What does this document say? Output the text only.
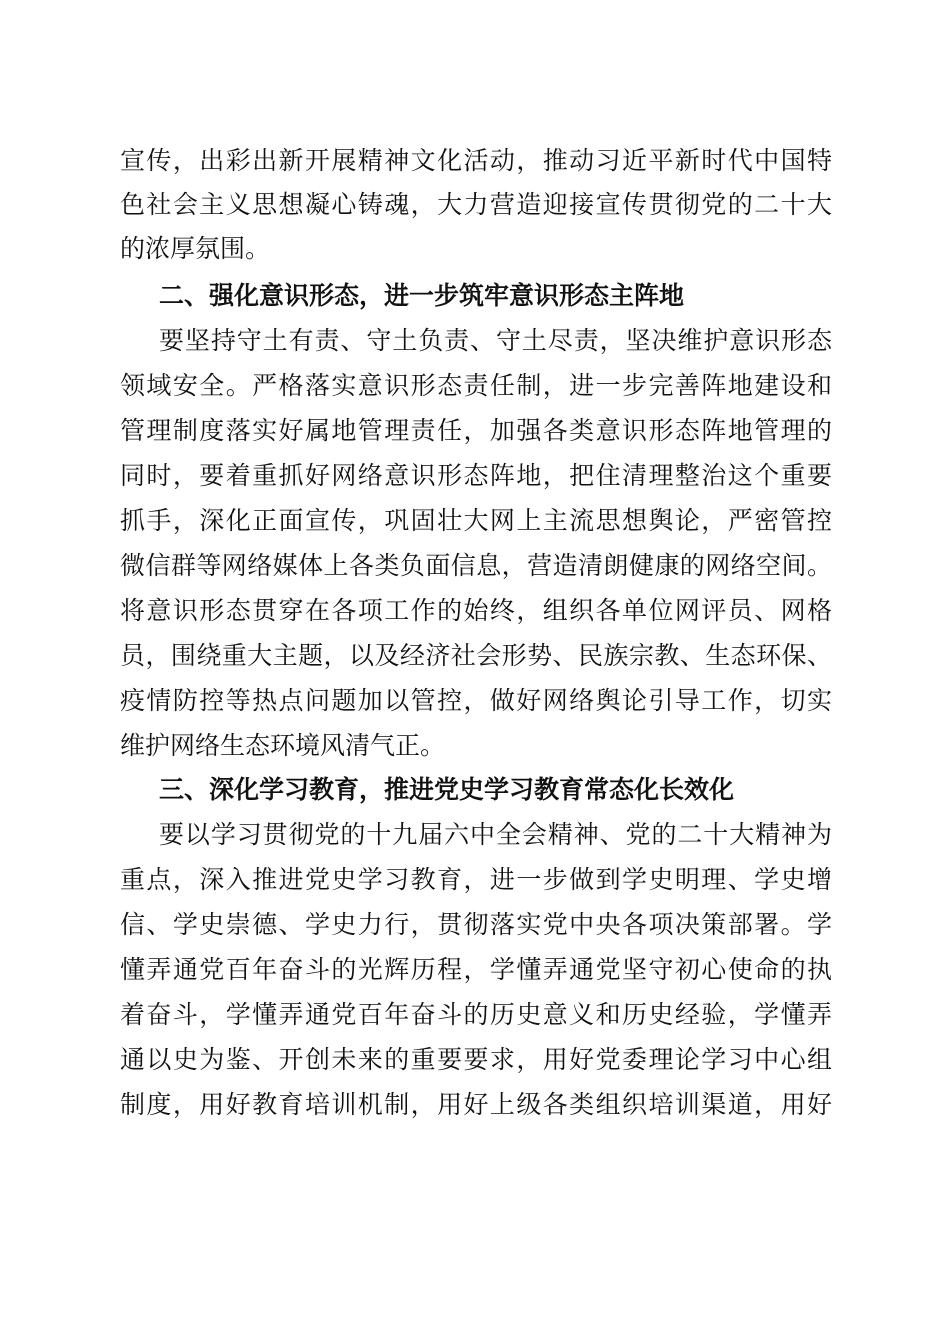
宣传，出彩出新开展精神文化活动，推动习近平新时代中国特
色社会主义思想凝心铸魂，大力营造迎接宣传贯彻党的二十大
的浓厚氛围。
二、强化意识形态，进一步筑牢意识形态主阵地
要坚持守土有责、守土负责、守土尽责，坚决维护意识形态
领域安全。严格落实意识形态责任制，进一步完善阵地建设和
管理制度落实好属地管理责任，加强各类意识形态阵地管理的
同时，要着重抓好网络意识形态阵地，把住清理整治这个重要
抓手，深化正面宣传，巩固壮大网上主流思想舆论，严密管控
微信群等网络媒体上各类负面信息，营造清朗健康的网络空间。
将意识形态贯穿在各项工作的始终，组织各单位网评员、网格
员，围绕重大主题，以及经济社会形势、民族宗教、生态环保、
疫情防控等热点问题加以管控，做好网络舆论引导工作，切实
维护网络生态环境风清气正。
三、深化学习教育，推进党史学习教育常态化长效化
要以学习贯彻党的十九届六中全会精神、党的二十大精神为
重点，深入推进党史学习教育，进一步做到学史明理、学史增
信、学史崇德、学史力行，贯彻落实党中央各项决策部署。学
懂弄通党百年奋斗的光辉历程，学懂弄通党坚守初心使命的执
着奋斗，学懂弄通党百年奋斗的历史意义和历史经验，学懂弄
通以史为鉴、开创未来的重要要求，用好党委理论学习中心组
制度，用好教育培训机制，用好上级各类组织培训渠道，用好
